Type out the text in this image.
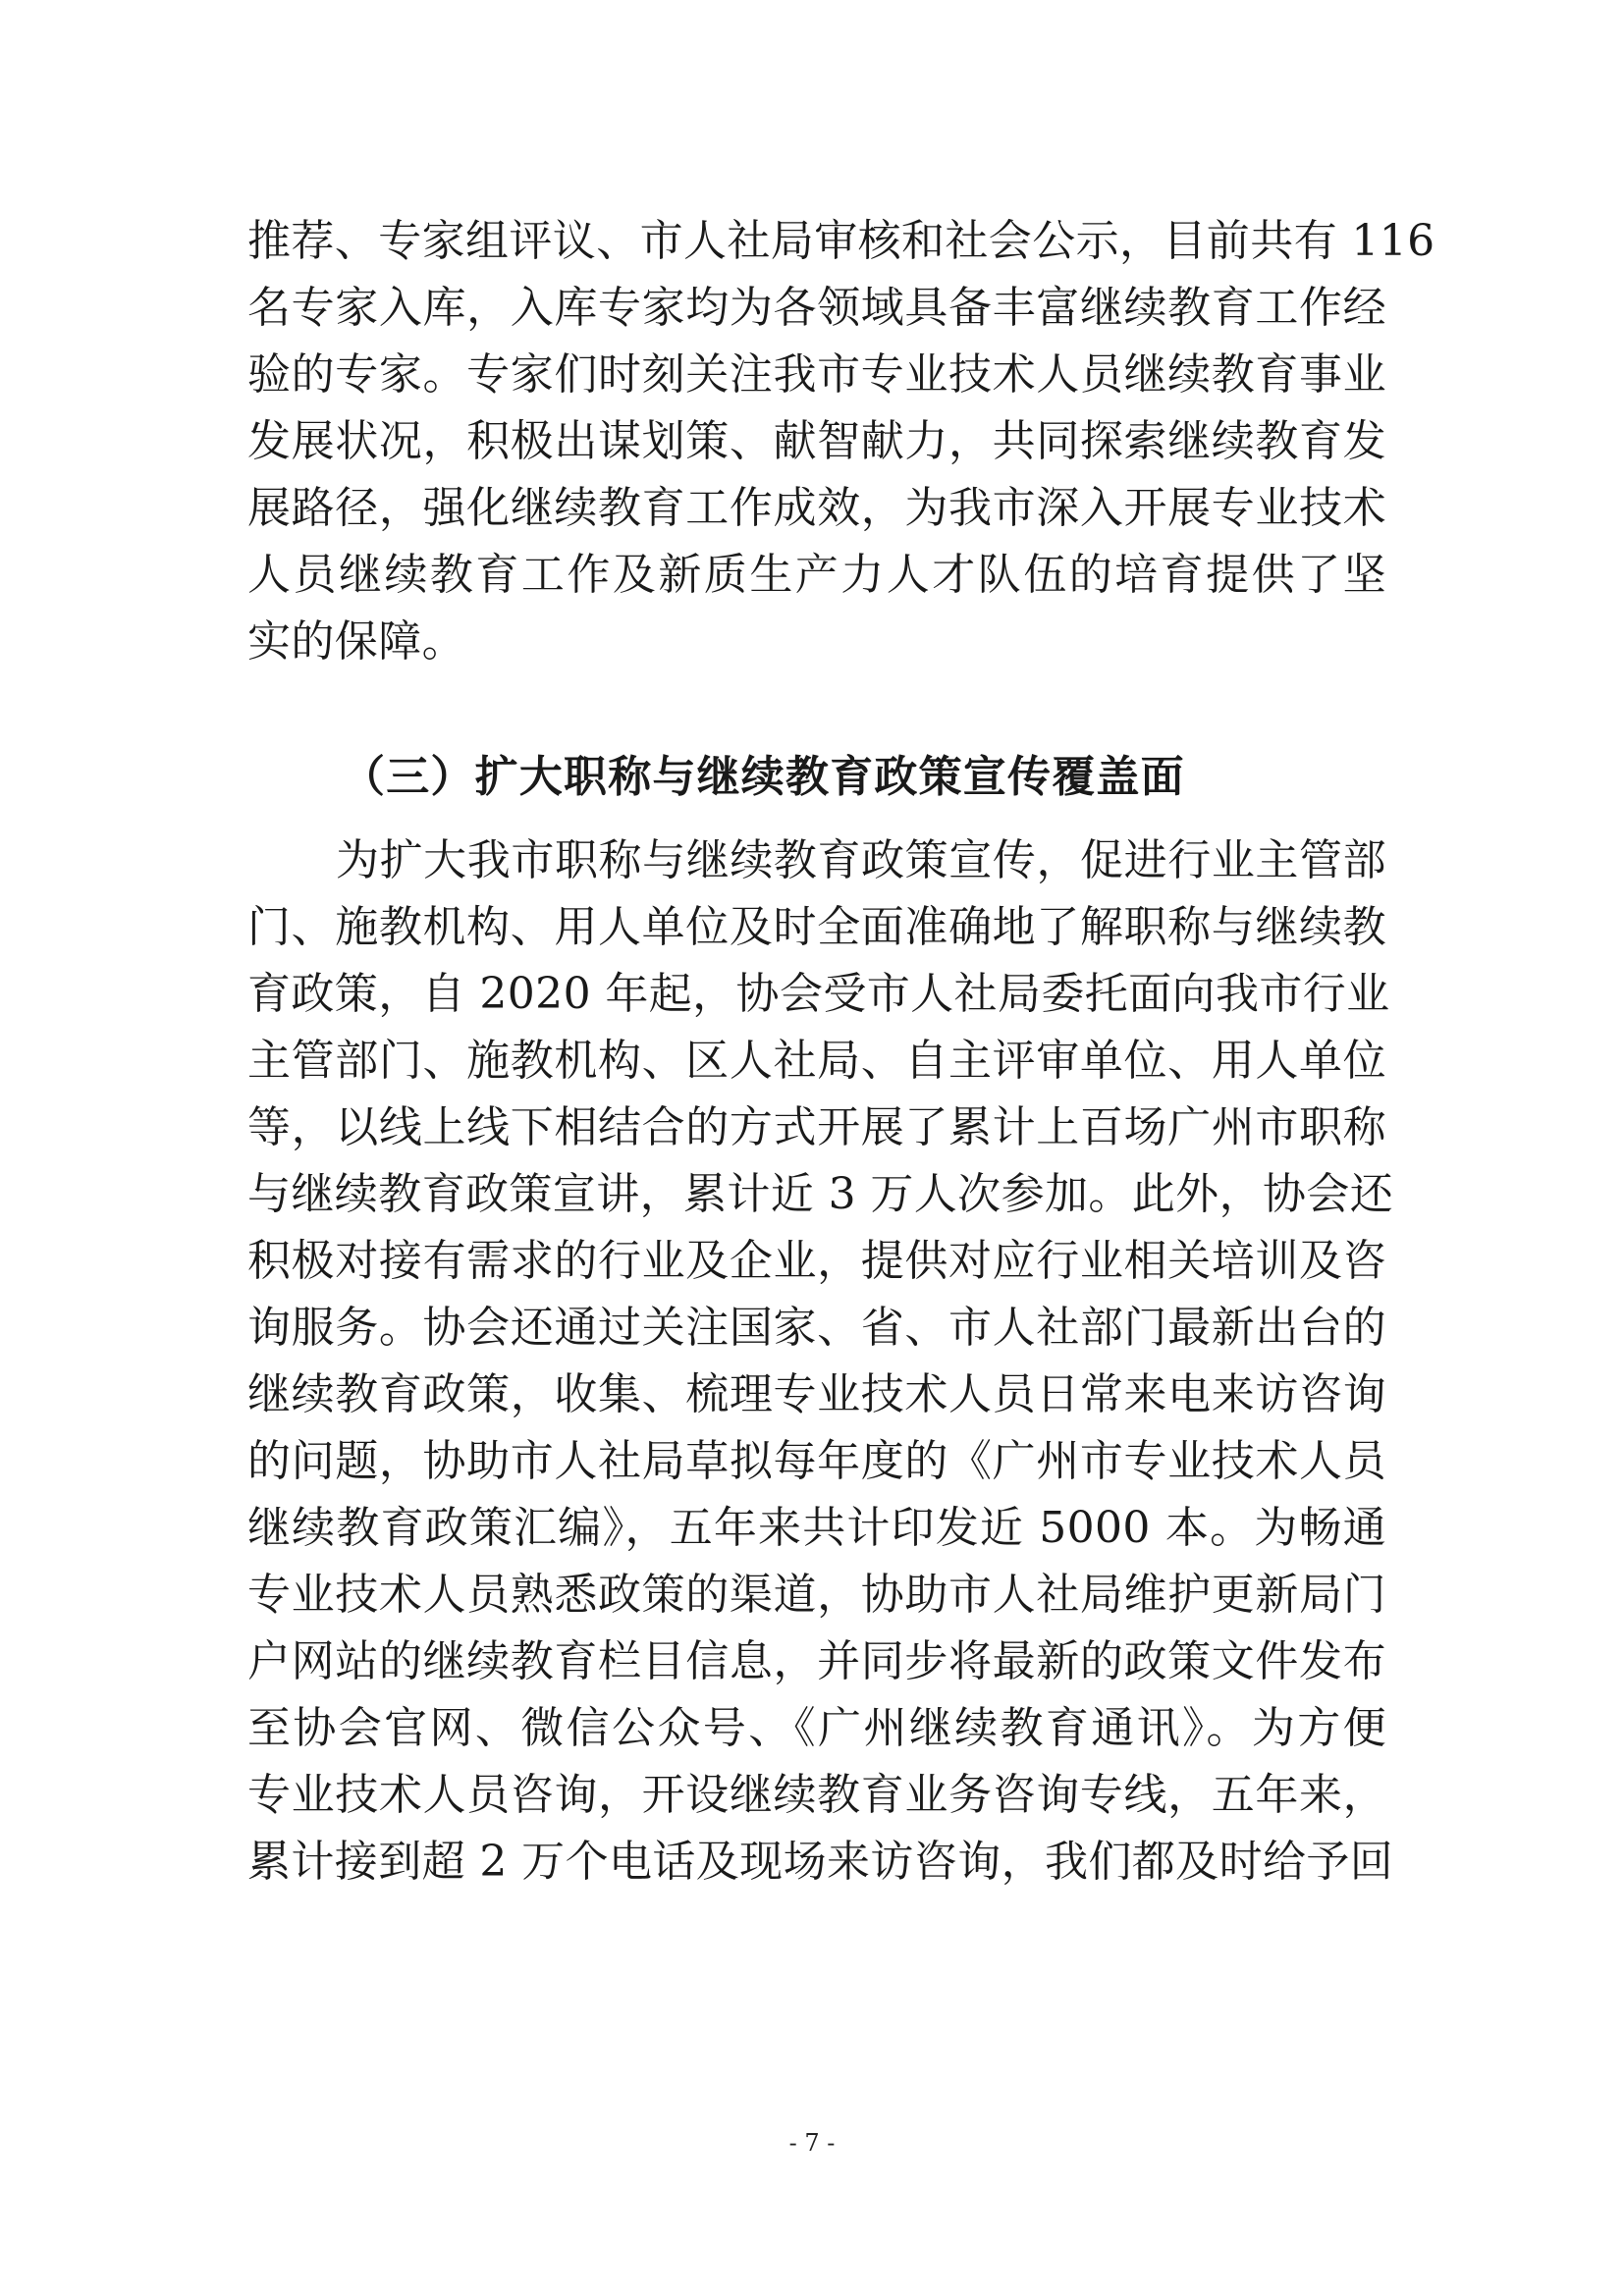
推荐、专家组评议、市人社局审核和社会公示，目前共有 116
名专家入库，入库专家均为各领域具备丰富继续教育工作经
验的专家。专家们时刻关注我市专业技术人员继续教育事业
发展状况，积极出谋划策、献智献力，共同探索继续教育发
展路径，强化继续教育工作成效，为我市深入开展专业技术
人员继续教育工作及新质生产力人才队伍的培育提供了坚
实的保障。
（三）扩大职称与继续教育政策宣传覆盖面
为扩大我市职称与继续教育政策宣传，促进行业主管部
门、施教机构、用人单位及时全面准确地了解职称与继续教
育政策，自 2020 年起，协会受市人社局委托面向我市行业
主管部门、施教机构、区人社局、自主评审单位、用人单位
等，以线上线下相结合的方式开展了累计上百场广州市职称
与继续教育政策宣讲，累计近 3 万人次参加。此外，协会还
积极对接有需求的行业及企业，提供对应行业相关培训及咨
询服务。协会还通过关注国家、省、市人社部门最新出台的
继续教育政策，收集、梳理专业技术人员日常来电来访咨询
的问题，协助市人社局草拟每年度的《广州市专业技术人员
继续教育政策汇编》，五年来共计印发近 5000 本。为畅通
专业技术人员熟悉政策的渠道，协助市人社局维护更新局门
户网站的继续教育栏目信息，并同步将最新的政策文件发布
至协会官网、微信公众号、《广州继续教育通讯》。为方便
专业技术人员咨询，开设继续教育业务咨询专线，五年来，
累计接到超 2 万个电话及现场来访咨询，我们都及时给予回
- 7 -
